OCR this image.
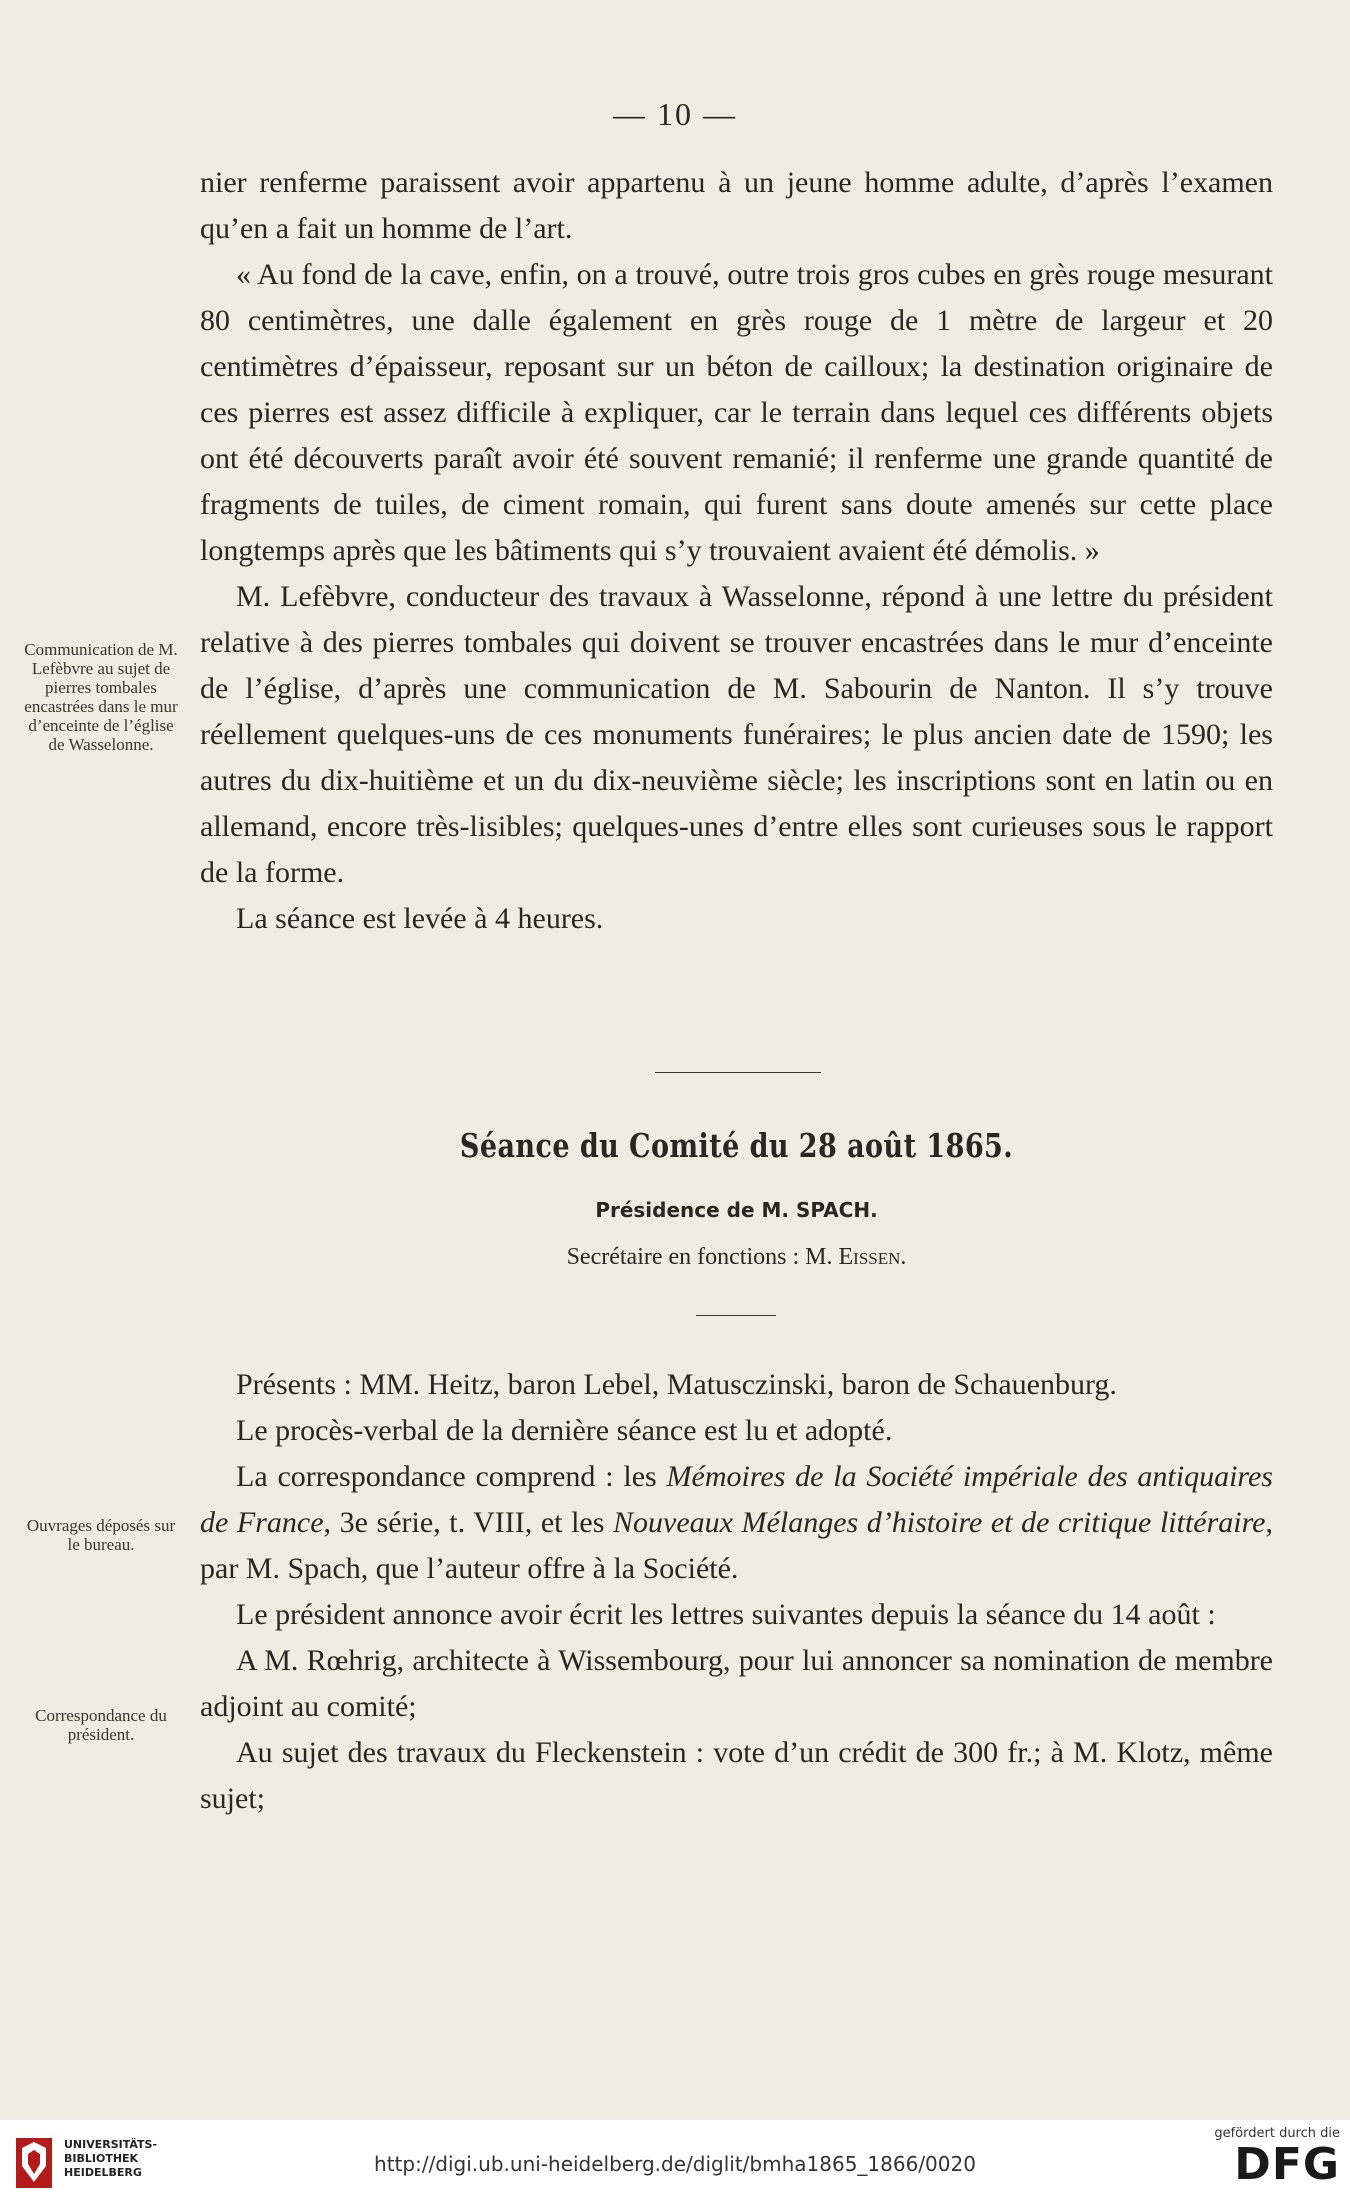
— 10 —

nier renferme paraissent avoir appartenu à un jeune homme adulte, d’après l’examen qu’en a fait un homme de l’art.

« Au fond de la cave, enfin, on a trouvé, outre trois gros cubes en grès rouge mesurant 80 centimètres, une dalle également en grès rouge de 1 mètre de largeur et 20 centimètres d’épaisseur, reposant sur un béton de cailloux; la destination originaire de ces pierres est assez difficile à expliquer, car le terrain dans lequel ces différents objets ont été découverts paraît avoir été souvent remanié; il renferme une grande quantité de fragments de tuiles, de ciment romain, qui furent sans doute amenés sur cette place longtemps après que les bâtiments qui s’y trouvaient avaient été démolis. »

M. Lefèbvre, conducteur des travaux à Wasselonne, répond à une lettre du président relative à des pierres tombales qui doivent se trouver encastrées dans le mur d’enceinte de l’église, d’après une communication de M. Sabourin de Nanton. Il s’y trouve réellement quelques-uns de ces monuments funéraires; le plus ancien date de 1590; les autres du dix-huitième et un du dix-neuvième siècle; les inscriptions sont en latin ou en allemand, encore très-lisibles; quelques-unes d’entre elles sont curieuses sous le rapport de la forme.

La séance est levée à 4 heures.

Communication de M. Lefèbvre au sujet de pierres tombales encastrées dans le mur d’enceinte de l’église de Wasselonne.
Séance du Comité du 28 août 1865.
Présidence de M. SPACH.
Secrétaire en fonctions : M. Eissen.

Présents : MM. Heitz, baron Lebel, Matusczinski, baron de Schauenburg.

Le procès-verbal de la dernière séance est lu et adopté.

La correspondance comprend : les Mémoires de la Société impériale des antiquaires de France, 3e série, t. VIII, et les Nouveaux Mélanges d’histoire et de critique littéraire, par M. Spach, que l’auteur offre à la Société.

Le président annonce avoir écrit les lettres suivantes depuis la séance du 14 août :

A M. Rœhrig, architecte à Wissembourg, pour lui annoncer sa nomination de membre adjoint au comité;

Au sujet des travaux du Fleckenstein : vote d’un crédit de 300 fr.; à M. Klotz, même sujet;

Ouvrages déposés sur le bureau.
Correspondance du président.
UNIVERSITÄTS-
BIBLIOTHEK
HEIDELBERG	http://digi.ub.uni-heidelberg.de/diglit/bmha1865_1866/0020
gefördert durch die
DFG
